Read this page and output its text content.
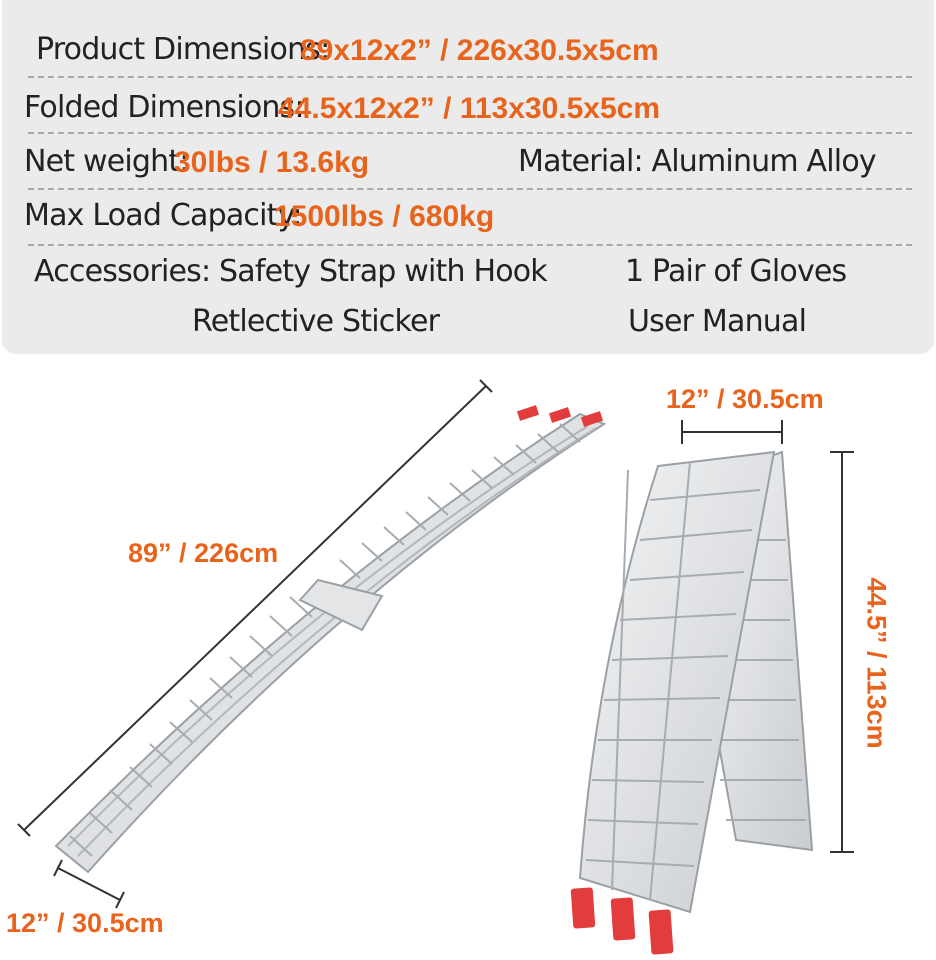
Product Dimensions:
89x12x2” / 226x30.5x5cm
Folded Dimensions:
44.5x12x2” / 113x30.5x5cm
Net weight:
30lbs / 13.6kg	Material: Aluminum Alloy
Max Load Capacity:
1500lbs / 680kg
Accessories: Safety Strap with Hook	1 Pair of Gloves
Retlective Sticker	User Manual
89” / 226cm
12” / 30.5cm
12” / 30.5cm
44.5” / 113cm
